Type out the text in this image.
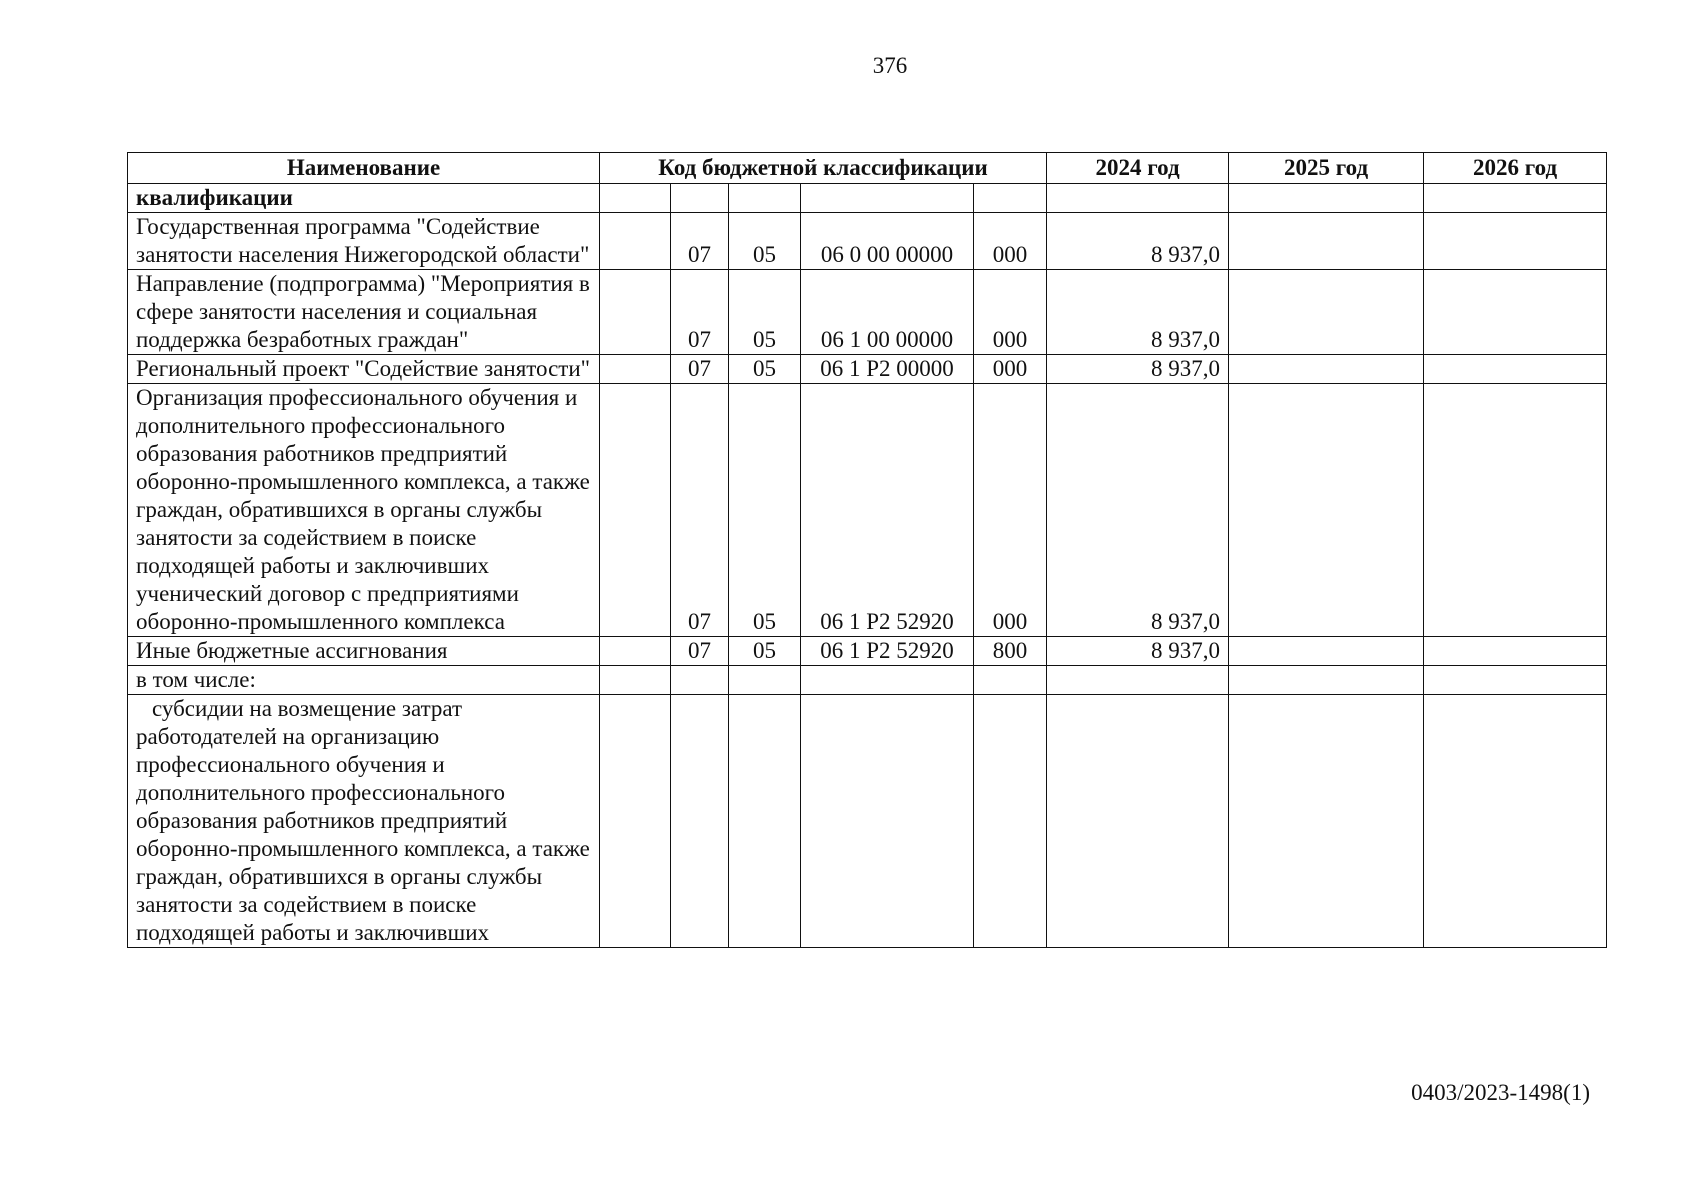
376
Наименование	Код бюджетной классификации					2024 год	2025 год	2026 год
квалификации								
Государственная программа "Содействие занятости населения Нижегородской области"		07	05	06 0 00 00000	000	8 937,0		
Направление (подпрограмма) "Мероприятия в сфере занятости населения и социальная поддержка безработных граждан"		07	05	06 1 00 00000	000	8 937,0		
Региональный проект "Содействие занятости"		07	05	06 1 P2 00000	000	8 937,0		
Организация профессионального обучения и дополнительного профессионального образования работников предприятий оборонно-промышленного комплекса, а также граждан, обратившихся в органы службы занятости за содействием в поиске подходящей работы и заключивших ученический договор с предприятиями оборонно-промышленного комплекса		07	05	06 1 P2 52920	000	8 937,0		
Иные бюджетные ассигнования		07	05	06 1 P2 52920	800	8 937,0		
в том числе:								
субсидии на возмещение затрат работодателей на организацию профессионального обучения и дополнительного профессионального образования работников предприятий оборонно-промышленного комплекса, а также граждан, обратившихся в органы службы занятости за содействием в поиске подходящей работы и заключивших								
0403/2023-1498(1)
